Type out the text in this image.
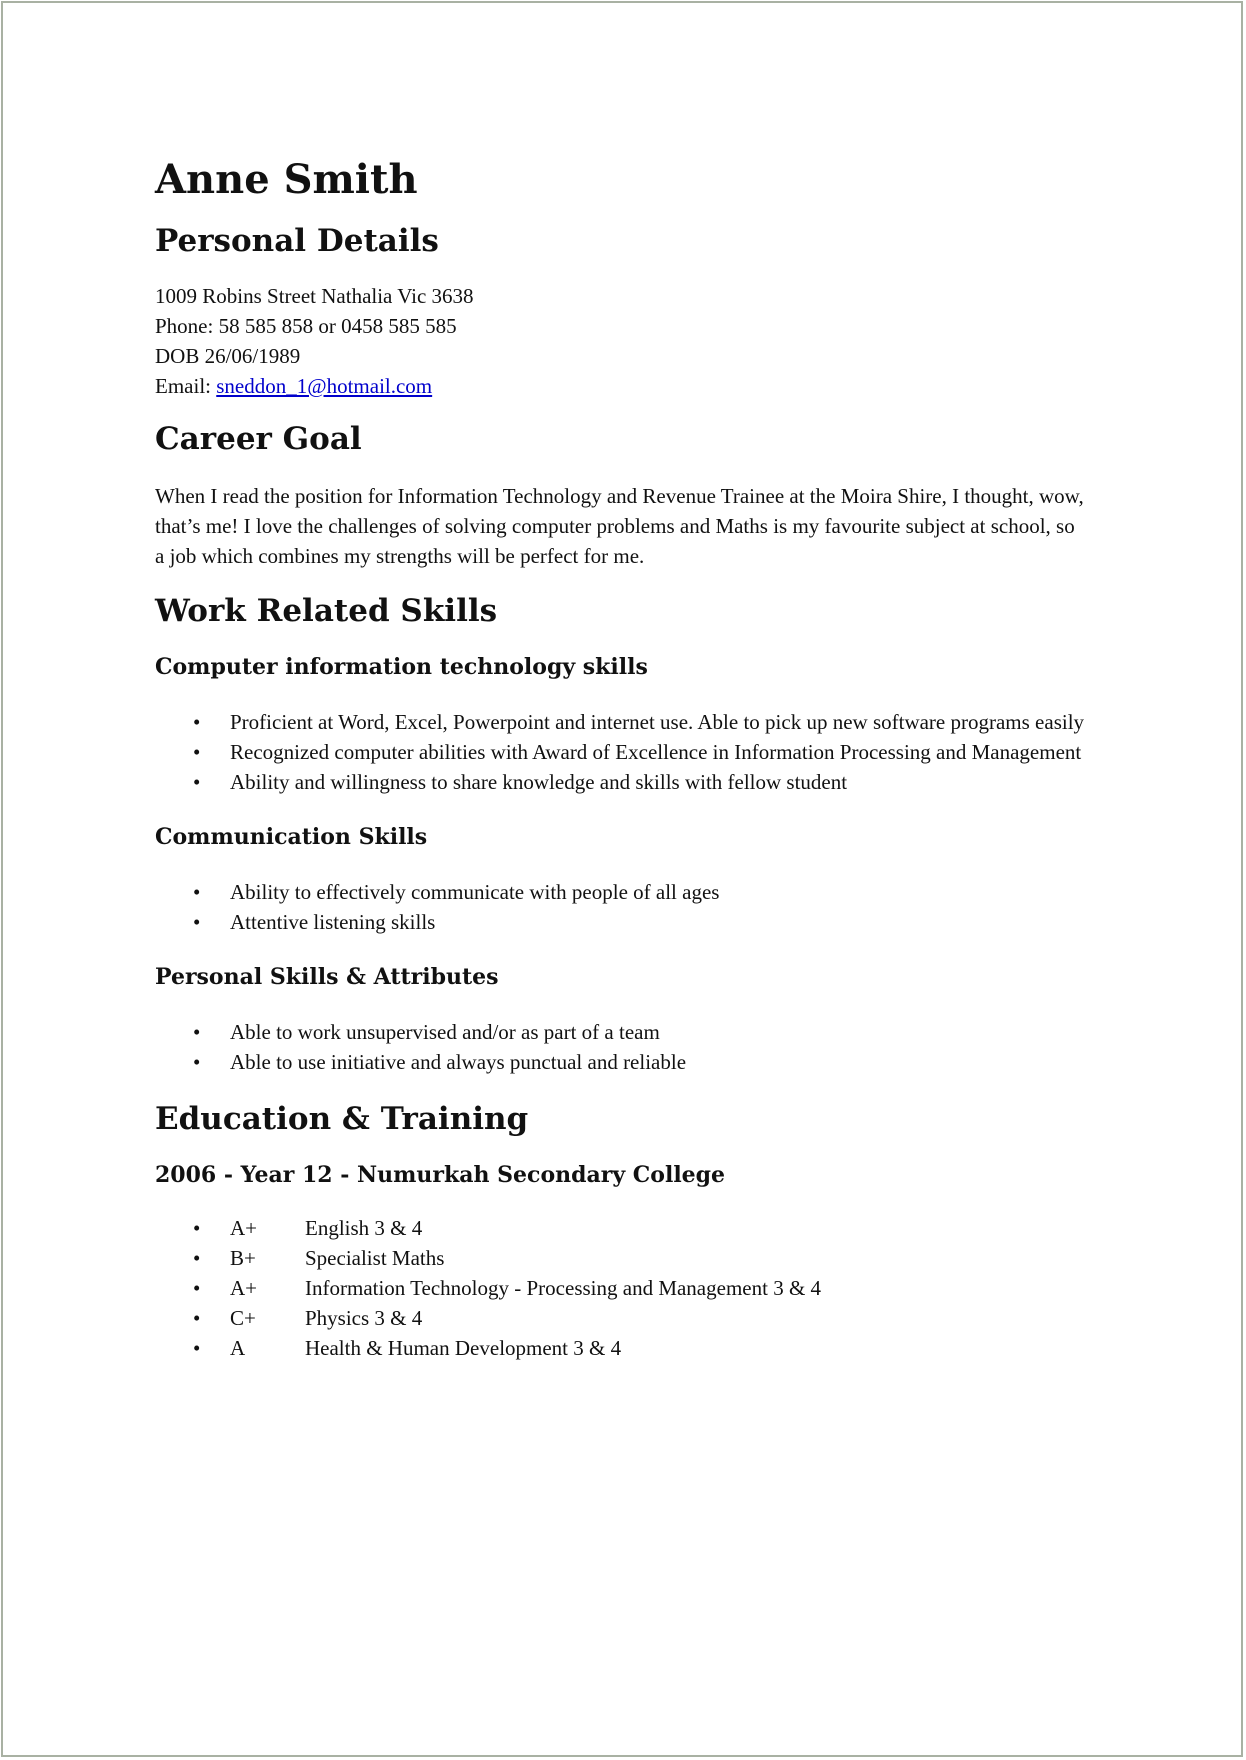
Anne Smith
Personal Details
1009 Robins Street Nathalia Vic 3638
Phone: 58 585 858 or 0458 585 585
DOB 26/06/1989
Email: sneddon_1@hotmail.com
Career Goal

When I read the position for Information Technology and Revenue Trainee at the Moira Shire, I thought, wow, that’s me! I love the challenges of solving computer problems and Maths is my favourite subject at school, so a job which combines my strengths will be perfect for me.

Work Related Skills
Computer information technology skills
• Proficient at Word, Excel, Powerpoint and internet use. Able to pick up new software programs easily
• Recognized computer abilities with Award of Excellence in Information Processing and Management
• Ability and willingness to share knowledge and skills with fellow student
Communication Skills
• Ability to effectively communicate with people of all ages
• Attentive listening skills
Personal Skills & Attributes
• Able to work unsupervised and/or as part of a team
• Able to use initiative and always punctual and reliable
Education & Training
2006 - Year 12 - Numurkah Secondary College
• A+ English 3 & 4
• B+ Specialist Maths
• A+ Information Technology - Processing and Management 3 & 4
• C+ Physics 3 & 4
• A	Health & Human Development 3 & 4
